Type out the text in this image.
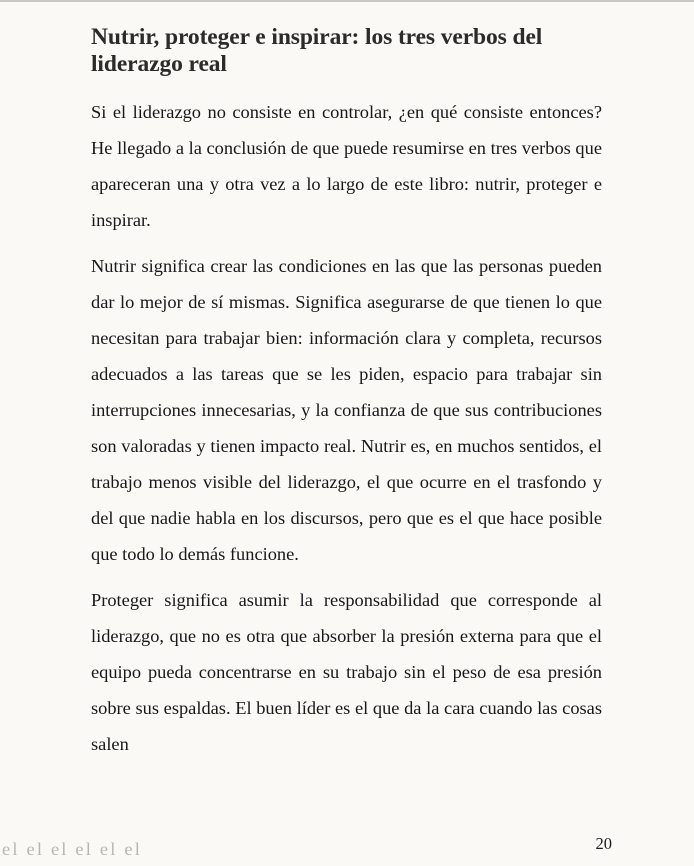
Nutrir, proteger e inspirar: los tres verbos del liderazgo real

Si el liderazgo no consiste en controlar, ¿en qué consiste entonces? He llegado a la conclusión de que puede resumirse en tres verbos que apareceran una y otra vez a lo largo de este libro: nutrir, proteger e inspirar.

Nutrir significa crear las condiciones en las que las personas pueden dar lo mejor de sí mismas. Significa asegurarse de que tienen lo que necesitan para trabajar bien: información clara y completa, recursos adecuados a las tareas que se les piden, espacio para trabajar sin interrupciones innecesarias, y la confianza de que sus contribuciones son valoradas y tienen impacto real. Nutrir es, en muchos sentidos, el trabajo menos visible del liderazgo, el que ocurre en el trasfondo y del que nadie habla en los discursos, pero que es el que hace posible que todo lo demás funcione.

Proteger significa asumir la responsabilidad que corresponde al liderazgo, que no es otra que absorber la presión externa para que el equipo pueda concentrarse en su trabajo sin el peso de esa presión sobre sus espaldas. El buen líder es el que da la cara cuando las cosas salen

20
el el el el el el
